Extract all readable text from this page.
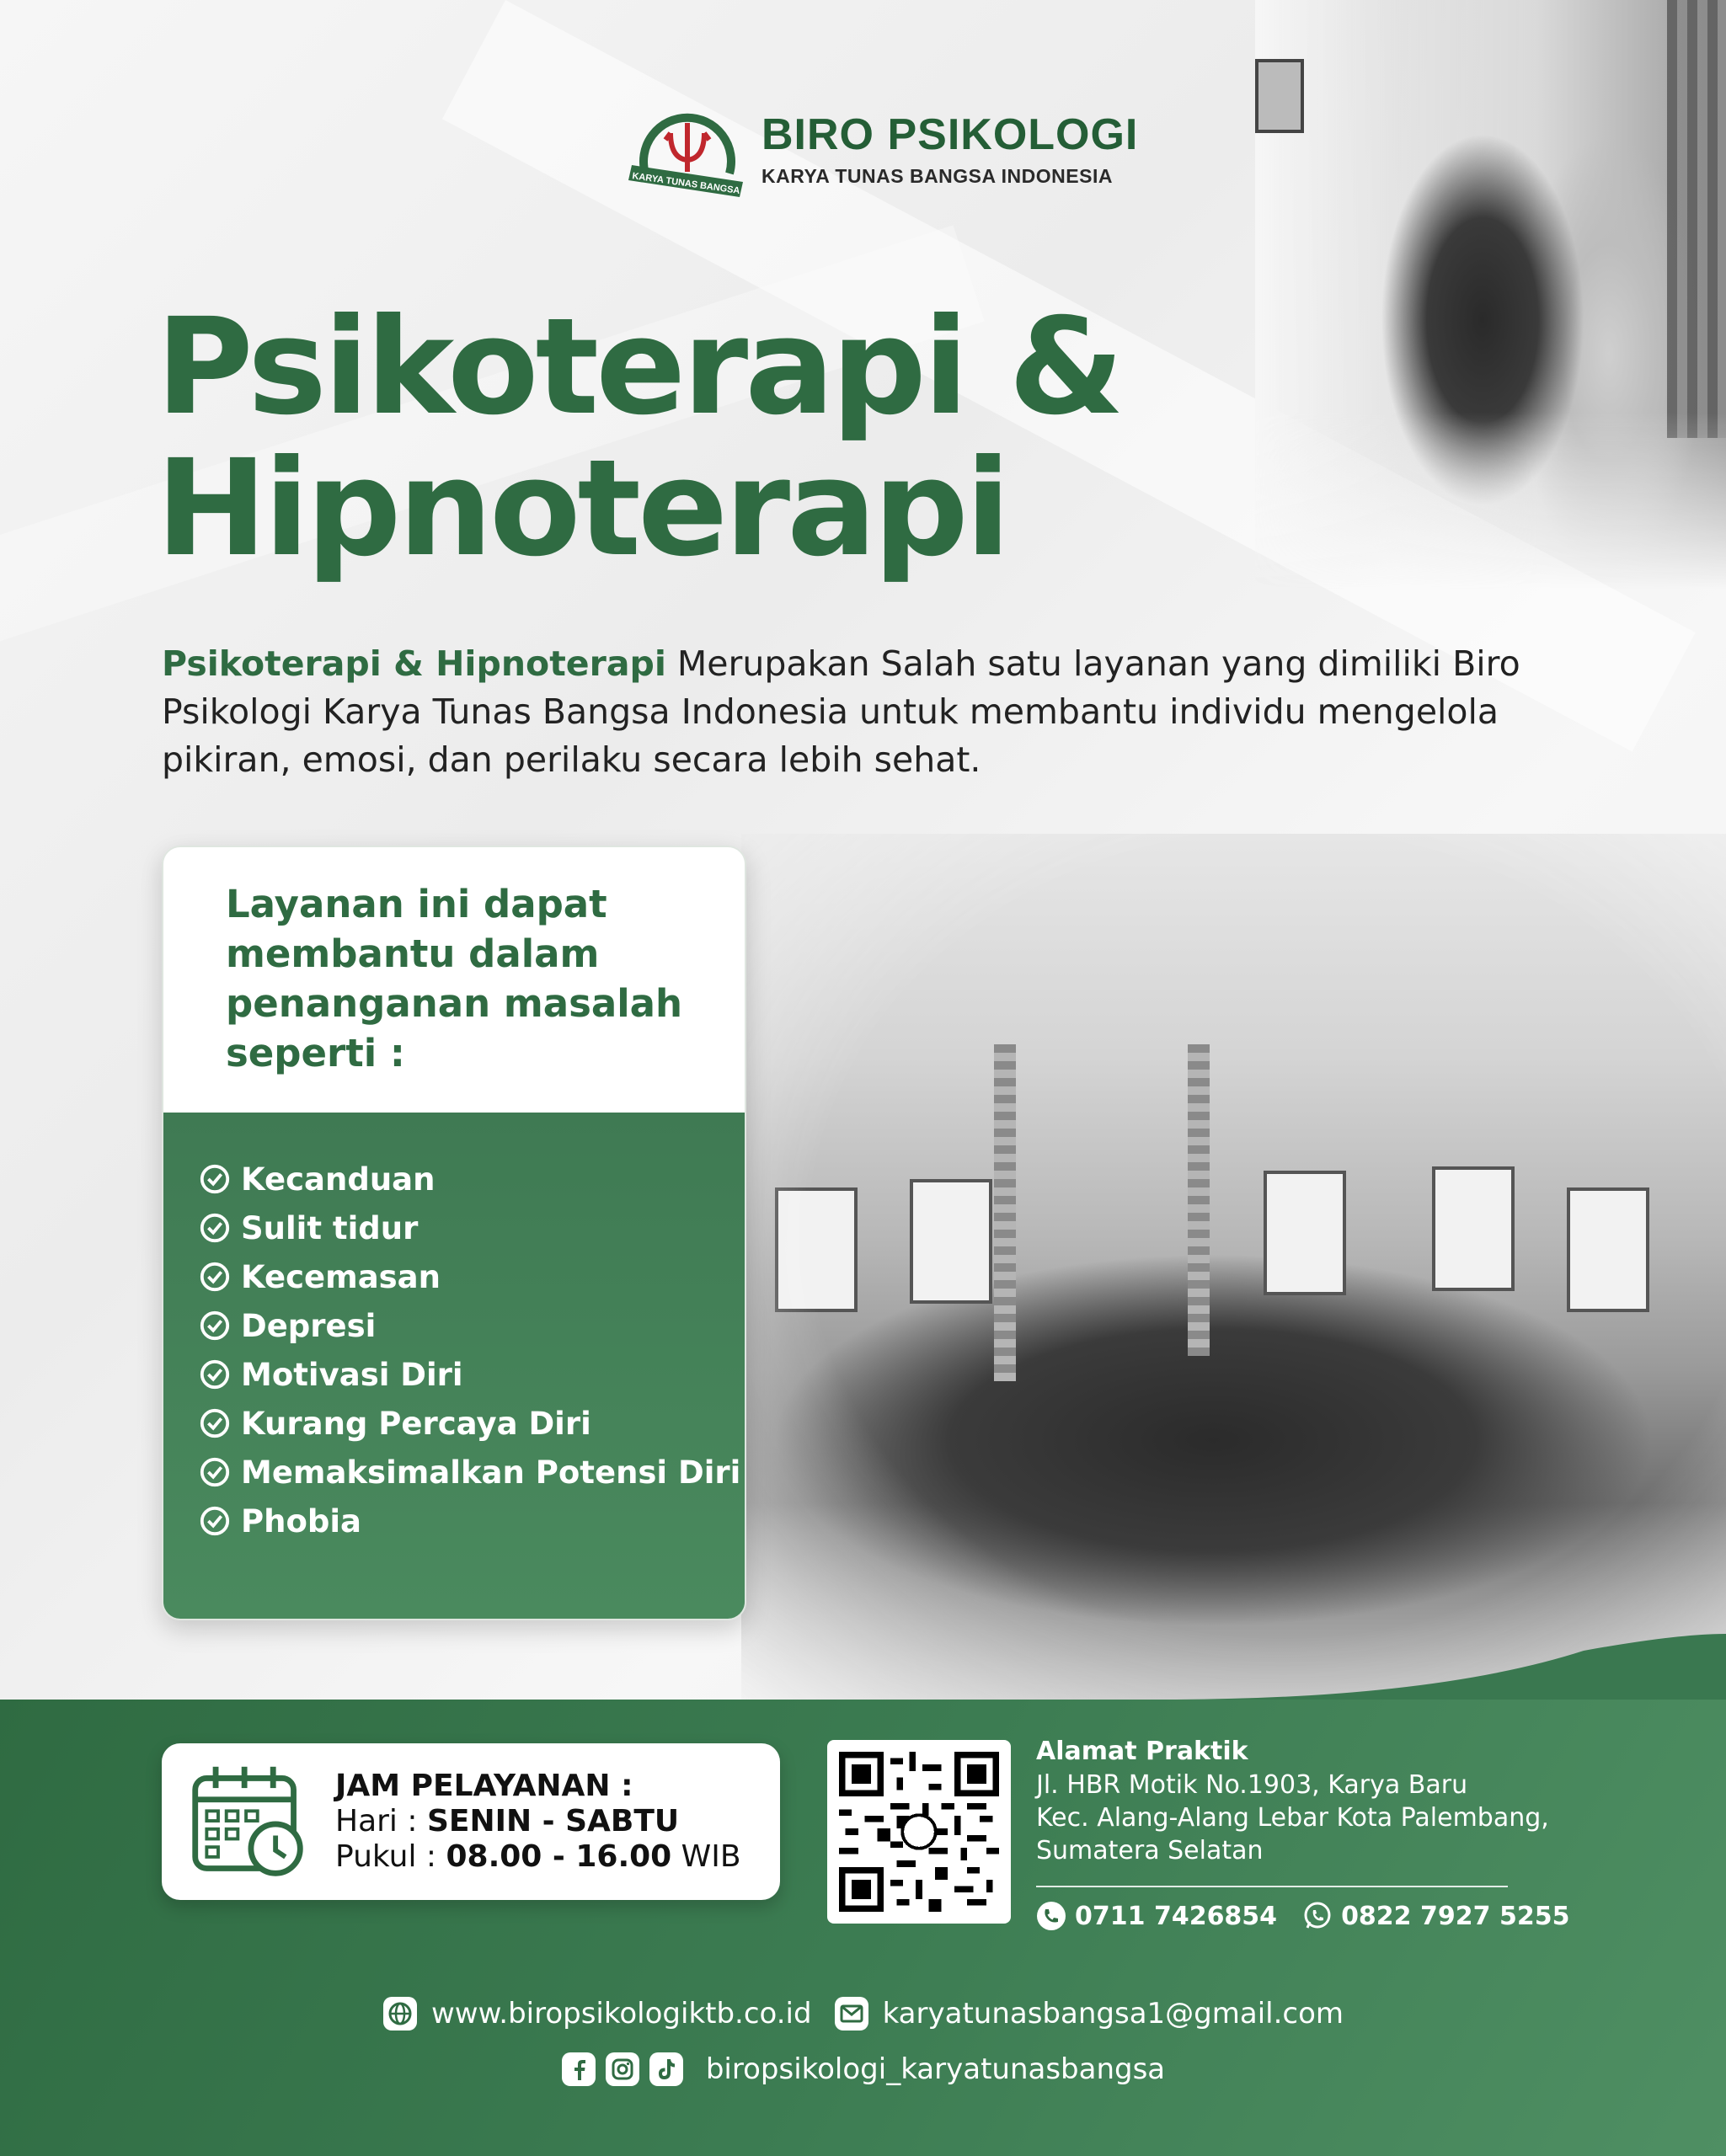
KARYA TUNAS BANGSA
BIRO PSIKOLOGI
KARYA TUNAS BANGSA INDONESIA
Psikoterapi &
Hipnoterapi

Psikoterapi & Hipnoterapi Merupakan Salah satu layanan yang dimiliki Biro Psikologi Karya Tunas Bangsa Indonesia untuk membantu individu mengelola pikiran, emosi, dan perilaku secara lebih sehat.

Layanan ini dapat

membantu dalam

penanganan masalah

seperti :

Kecanduan
Sulit tidur
Kecemasan
Depresi
Motivasi Diri
Kurang Percaya Diri
Memaksimalkan Potensi Diri
Phobia
JAM PELAYANAN :
Hari : SENIN - SABTU
Pukul : 08.00 - 16.00 WIB
Alamat Praktik
Jl. HBR Motik No.1903, Karya Baru
Kec. Alang-Alang Lebar Kota Palembang,
Sumatera Selatan
0711 7426854	0822 7927 5255
www.biropsikologiktb.co.id karyatunasbangsa1@gmail.com
biropsikologi_karyatunasbangsa
